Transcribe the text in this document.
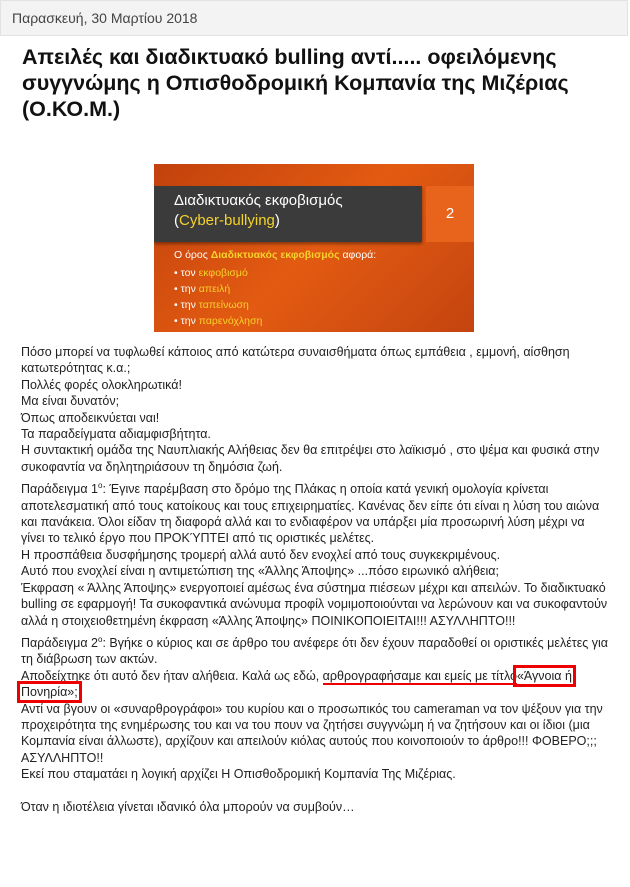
Παρασκευή, 30 Μαρτίου 2018
Απειλές και διαδικτυακό bulling αντί..... οφειλόμενης συγγνώμης η Οπισθοδρομική Κομπανία της Μιζέριας (Ο.ΚΟ.Μ.)
Διαδικτυακός εκφοβισμός
(Cyber-bullying)	2
Ο όρος Διαδικτυακός εκφοβισμός αφορά:
• τον εκφοβισμό
• την απειλή
• την ταπείνωση
• την παρενόχληση

Πόσο μπορεί να τυφλωθεί κάποιος από κατώτερα συναισθήματα όπως εμπάθεια , εμμονή, αίσθηση κατωτερότητας κ.α.;

Πολλές φορές ολοκληρωτικά!

Μα είναι δυνατόν;

Όπως αποδεικνύεται ναι!

Τα παραδείγματα αδιαμφισβήτητα.

Η συντακτική ομάδα της Ναυπλιακής Αλήθειας δεν θα επιτρέψει στο λαϊκισμό , στο ψέμα και φυσικά στην συκοφαντία να δηλητηριάσουν τη δημόσια ζωή.

Παράδειγμα $1^o$: Έγινε παρέμβαση στο δρόμο της Πλάκας η οποία κατά γενική ομολογία κρίνεται αποτελεσματική από τους κατοίκους και τους επιχειρηματίες. Κανένας δεν είπε ότι είναι η λύση του αιώνα και πανάκεια. Όλοι είδαν τη διαφορά αλλά και το ενδιαφέρον να υπάρξει μία προσωρινή λύση μέχρι να γίνει το τελικό έργο που ΠΡΟΚΎΠΤΕΙ από τις οριστικές μελέτες.

Η προσπάθεια δυσφήμησης τρομερή αλλά αυτό δεν ενοχλεί από τους συγκεκριμένους.

Αυτό που ενοχλεί είναι η αντιμετώπιση της «Άλλης Άποψης» ...πόσο ειρωνικό αλήθεια;

Έκφραση « Άλλης Άποψης» ενεργοποιεί αμέσως ένα σύστημα πιέσεων μέχρι και απειλών. Το διαδικτυακό bulling σε εφαρμογή! Τα συκοφαντικά ανώνυμα προφίλ νομιμοποιούνται να λερώνουν και να συκοφαντούν αλλά η στοιχειοθετημένη έκφραση «Άλλης Άποψης» ΠΟΙΝΙΚΟΠΟΙΕΙΤΑΙ!!! ΑΣΥΛΛΗΠΤΟ!!!

Παράδειγμα $2^o$: Βγήκε ο κύριος και σε άρθρο του ανέφερε ότι δεν έχουν παραδοθεί οι οριστικές μελέτες για τη διάβρωση των ακτών.

Αποδείχτηκε ότι αυτό δεν ήταν αλήθεια. Καλά ως εδώ, αρθρογραφήσαμε και εμείς με τίτλο«Άγνοια ή Πονηρία»;

Αντί να βγουν οι «συναρθρογράφοι» του κυρίου και ο προσωπικός του cameraman να τον ψέξουν για την προχειρότητα της ενημέρωσης του και να του πουν να ζητήσει συγγνώμη ή να ζητήσουν και οι ίδιοι (μια Κομπανία είναι άλλωστε), αρχίζουν και απειλούν κιόλας αυτούς που κοινοποιούν το άρθρο!!! ΦΟΒΕΡΟ;;; ΑΣΥΛΛΗΠΤΟ!!

Εκεί που σταματάει η λογική αρχίζει Η Οπισθοδρομική Κομπανία Της Μιζέριας.

Όταν η ιδιοτέλεια γίνεται ιδανικό όλα μπορούν να συμβούν…
